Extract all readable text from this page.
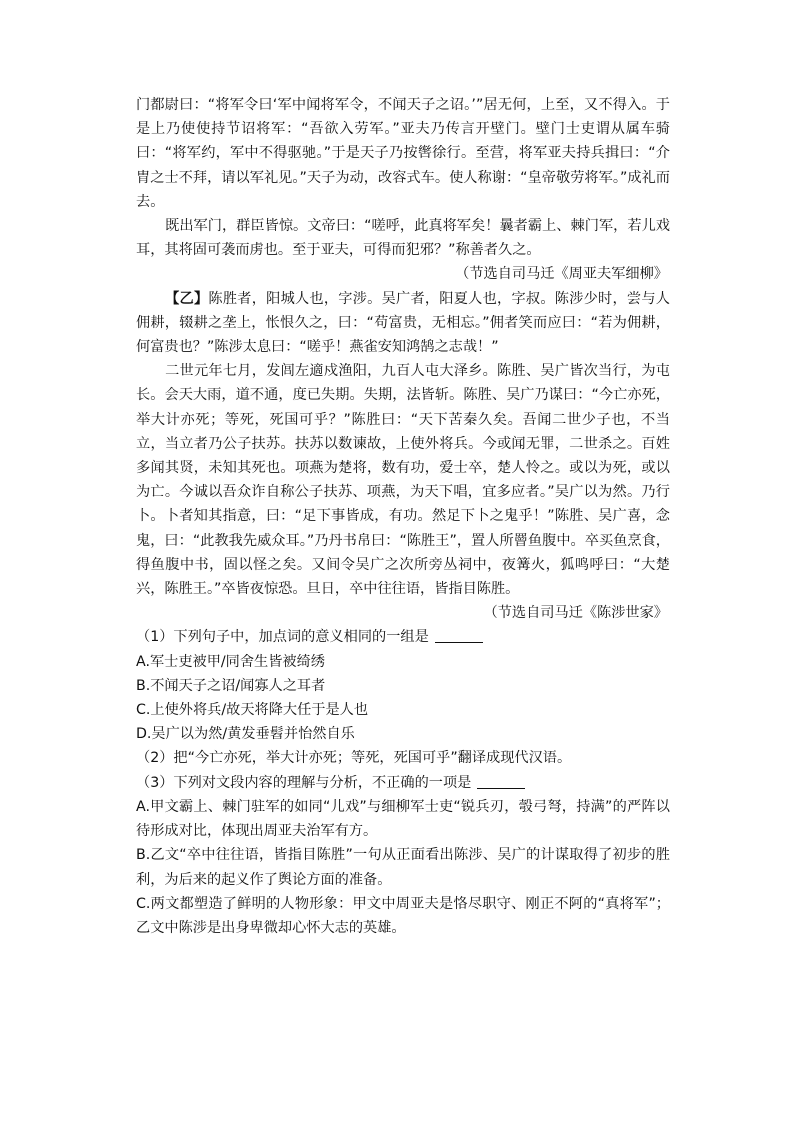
门都尉曰：“将军令曰‘军中闻将军令，不闻天子之诏。’”居无何，上至，又不得入。于是上乃使使持节诏将军：“吾欲入劳军。”亚夫乃传言开壁门。壁门士吏谓从属车骑曰：“将军约，军中不得驱驰。”于是天子乃按辔徐行。至营，将军亚夫持兵揖曰：“介胄之士不拜，请以军礼见。”天子为动，改容式车。使人称谢：“皇帝敬劳将军。”成礼而去。

既出军门，群臣皆惊。文帝曰：“嗟呼，此真将军矣！曩者霸上、棘门军，若儿戏耳，其将固可袭而虏也。至于亚夫，可得而犯邪？”称善者久之。

（节选自司马迁《周亚夫军细柳》

【乙】陈胜者，阳城人也，字涉。吴广者，阳夏人也，字叔。陈涉少时，尝与人佣耕，辍耕之垄上，怅恨久之，曰：“苟富贵，无相忘。”佣者笑而应曰：“若为佣耕，何富贵也？”陈涉太息曰：“嗟乎！燕雀安知鸿鹄之志哉！”

二世元年七月，发闾左適戍渔阳，九百人屯大泽乡。陈胜、吴广皆次当行，为屯长。会天大雨，道不通，度已失期。失期，法皆斩。陈胜、吴广乃谋曰：“今亡亦死，举大计亦死；等死，死国可乎？”陈胜曰：“天下苦秦久矣。吾闻二世少子也，不当立，当立者乃公子扶苏。扶苏以数谏故，上使外将兵。今或闻无罪，二世杀之。百姓多闻其贤，未知其死也。项燕为楚将，数有功，爱士卒，楚人怜之。或以为死，或以为亡。今诚以吾众诈自称公子扶苏、项燕，为天下唱，宜多应者。”吴广以为然。乃行卜。卜者知其指意，曰：“足下事皆成，有功。然足下卜之鬼乎！”陈胜、吴广喜，念鬼，曰：“此教我先威众耳。”乃丹书帛曰：“陈胜王”，置人所罾鱼腹中。卒买鱼烹食，得鱼腹中书，固以怪之矣。又间令吴广之次所旁丛祠中，夜篝火，狐鸣呼曰：“大楚兴，陈胜王。”卒皆夜惊恐。旦日，卒中往往语，皆指目陈胜。

（节选自司马迁《陈涉世家》

（1）下列句子中，加点词的意义相同的一组是

A.军士吏被甲/同舍生皆被绮绣

B.不闻天子之诏/闻寡人之耳者

C.上使外将兵/故天将降大任于是人也

D.吴广以为然/黄发垂髫并怡然自乐

（2）把“今亡亦死，举大计亦死；等死，死国可乎”翻译成现代汉语。

（3）下列对文段内容的理解与分析，不正确的一项是

A.甲文霸上、棘门驻军的如同“儿戏”与细柳军士吏“锐兵刃，彀弓弩，持满”的严阵以待形成对比，体现出周亚夫治军有方。

B.乙文“卒中往往语，皆指目陈胜”一句从正面看出陈涉、吴广的计谋取得了初步的胜利，为后来的起义作了舆论方面的准备。

C.两文都塑造了鲜明的人物形象：甲文中周亚夫是恪尽职守、刚正不阿的“真将军”；乙文中陈涉是出身卑微却心怀大志的英雄。
